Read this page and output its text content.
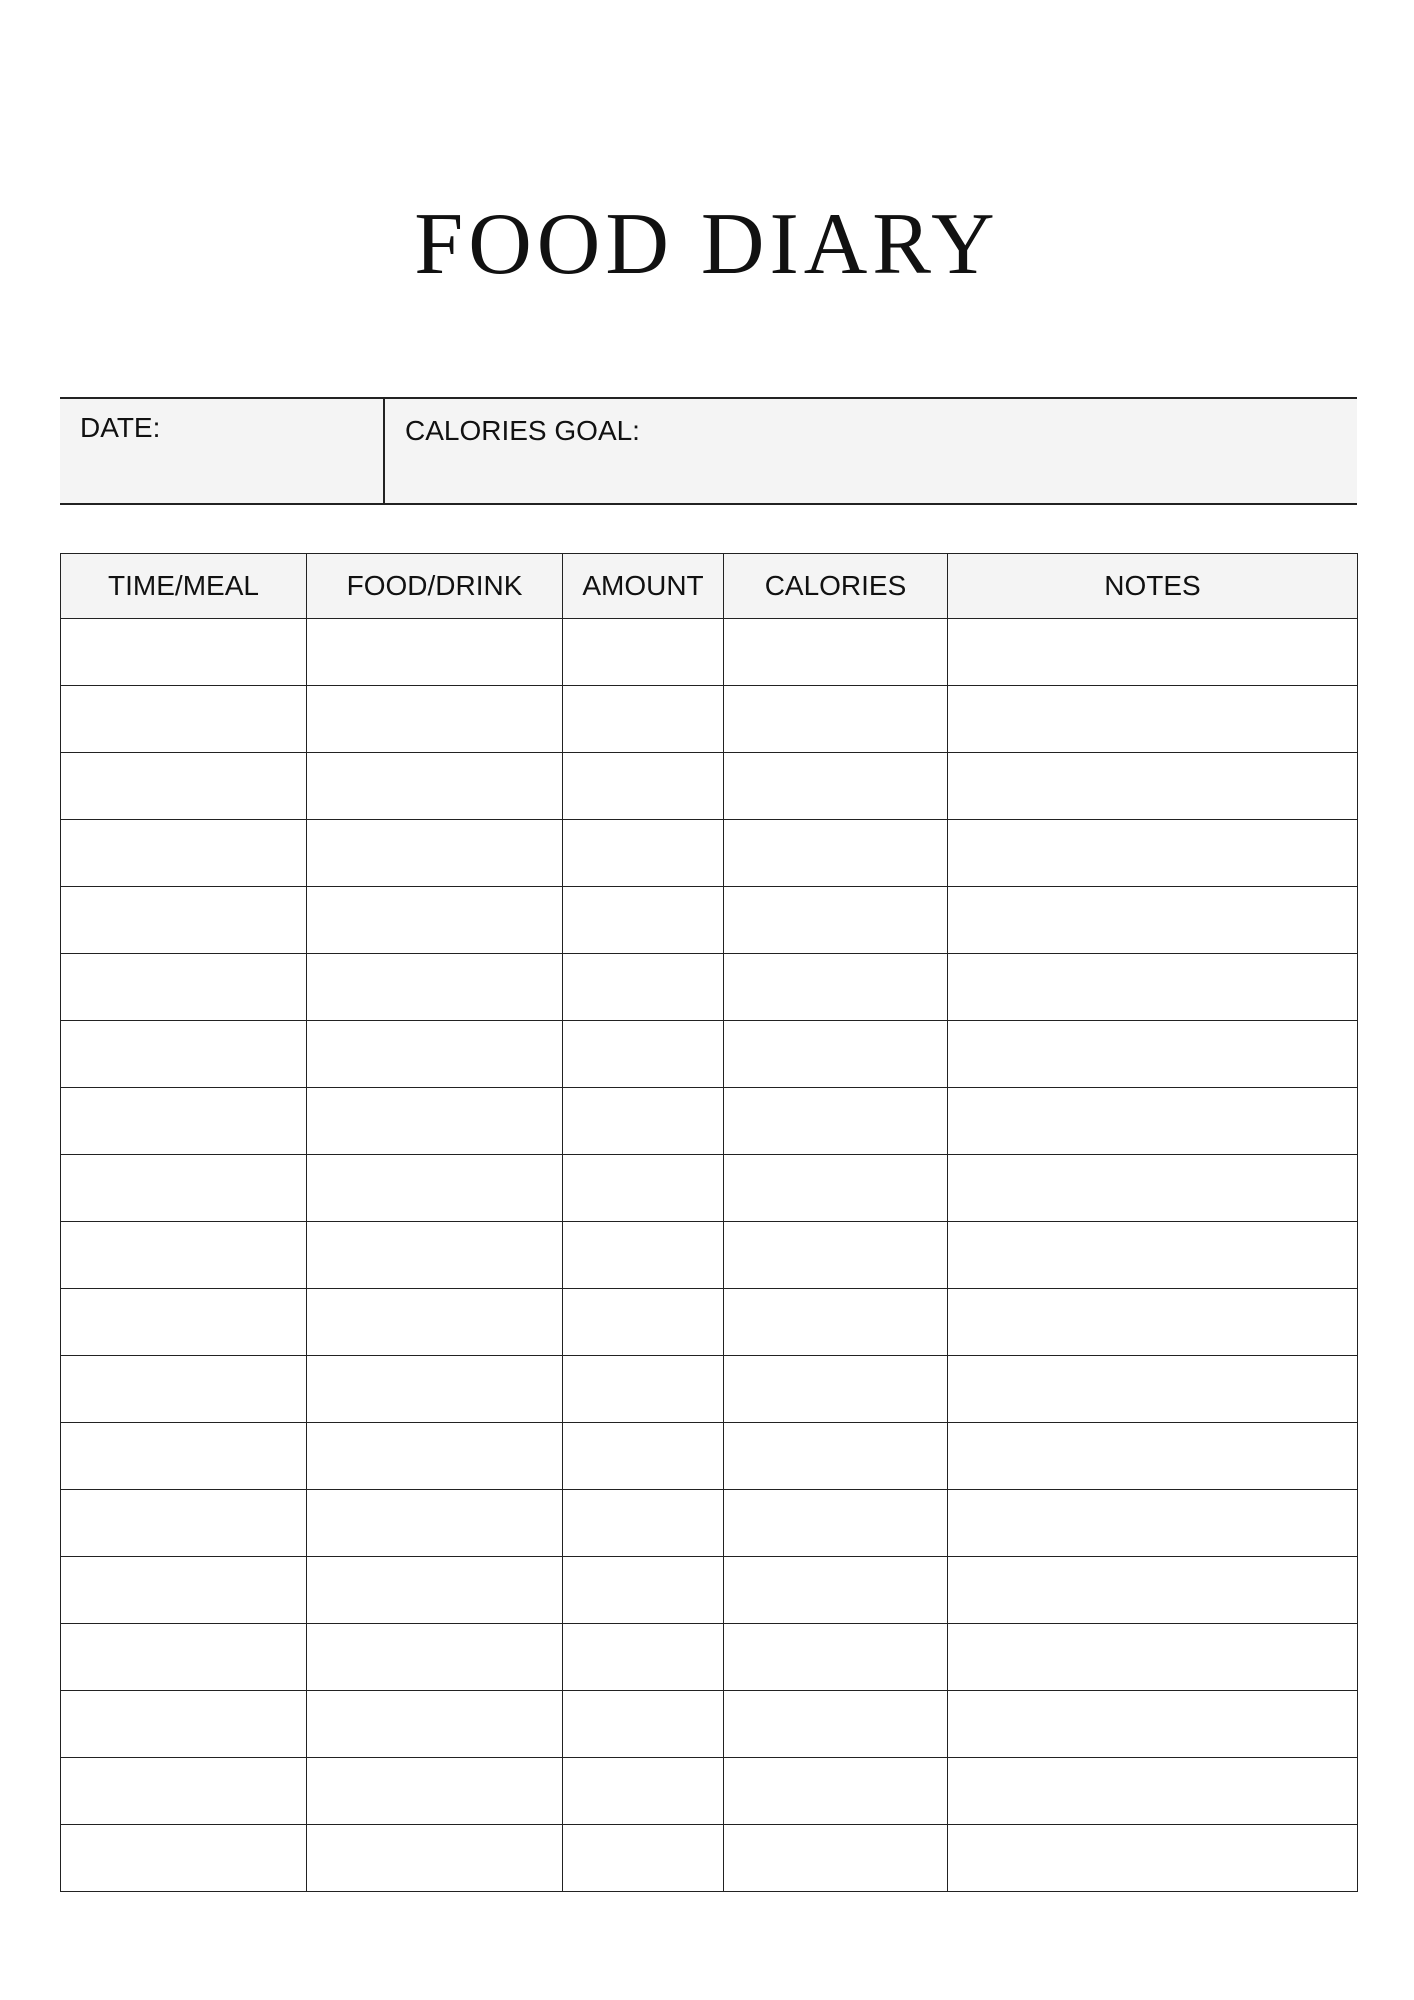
FOOD DIARY
DATE:	CALORIES GOAL:
TIME/MEAL	FOOD/DRINK	AMOUNT	CALORIES	NOTES
